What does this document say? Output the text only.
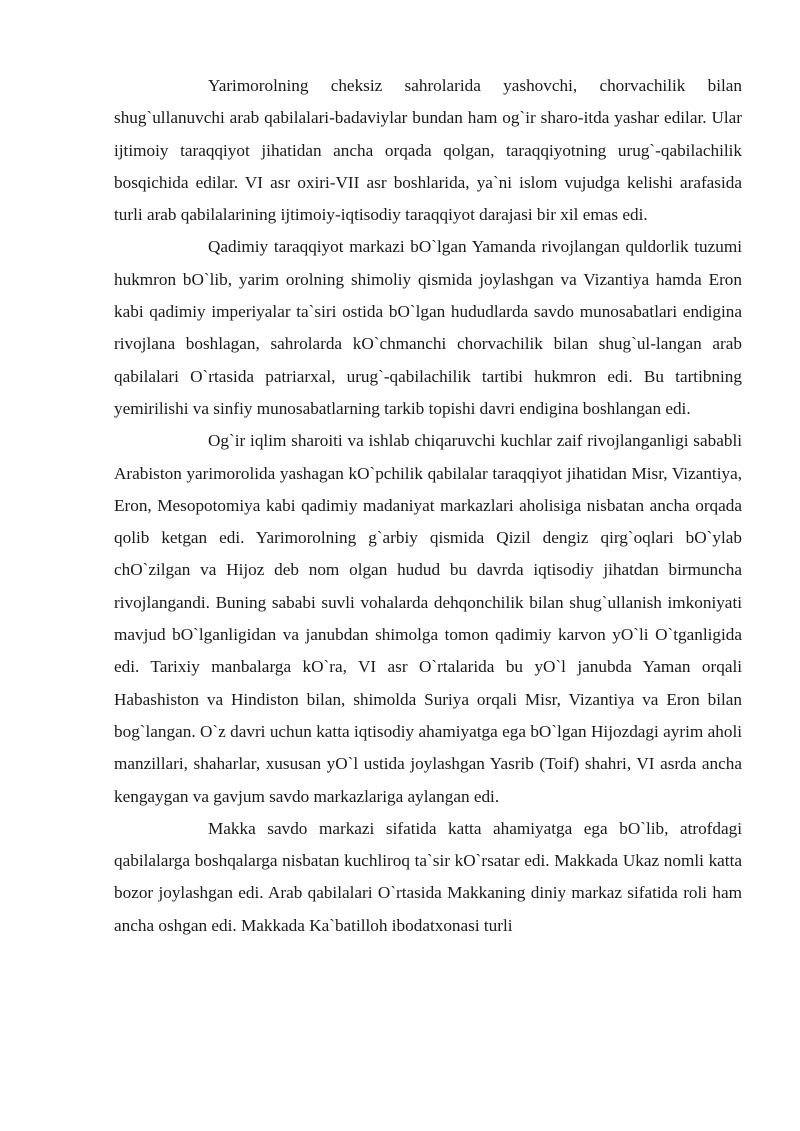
Yarimorolning cheksiz sahrolarida yashovchi, chorvachilik bilan shug`ullanuvchi arab qabilalari-badaviylar bundan ham og`ir sharo-itda yashar edilar. Ular ijtimoiy taraqqiyot jihatidan ancha orqada qolgan, taraqqiyotning urug`-qabilachilik bosqichida edilar. VI asr oxiri-VII asr boshlarida, ya`ni islom vujudga kelishi arafasida turli arab qabilalarining ijtimoiy-iqtisodiy taraqqiyot darajasi bir xil emas edi.

Qadimiy taraqqiyot markazi bO`lgan Yamanda rivojlangan quldorlik tuzumi hukmron bO`lib, yarim orolning shimoliy qismida joylashgan va Vizantiya hamda Eron kabi qadimiy imperiyalar ta`siri ostida bO`lgan hududlarda savdo munosabatlari endigina rivojlana boshlagan, sahrolarda kO`chmanchi chorvachilik bilan shug`ul-langan arab qabilalari O`rtasida patriarxal, urug`-qabilachilik tartibi hukmron edi. Bu tartibning yemirilishi va sinfiy munosabatlarning tarkib topishi davri endigina boshlangan edi.

Og`ir iqlim sharoiti va ishlab chiqaruvchi kuchlar zaif rivojlanganligi sababli Arabiston yarimorolida yashagan kO`pchilik qabilalar taraqqiyot jihatidan Misr, Vizantiya, Eron, Mesopotomiya kabi qadimiy madaniyat markazlari aholisiga nisbatan ancha orqada qolib ketgan edi. Yarimorolning g`arbiy qismida Qizil dengiz qirg`oqlari bO`ylab chO`zilgan va Hijoz deb nom olgan hudud bu davrda iqtisodiy jihatdan birmuncha rivojlangandi. Buning sababi suvli vohalarda dehqonchilik bilan shug`ullanish imkoniyati mavjud bO`lganligidan va janubdan shimolga tomon qadimiy karvon yO`li O`tganligida edi. Tarixiy manbalarga kO`ra, VI asr O`rtalarida bu yO`l janubda Yaman orqali Habashiston va Hindiston bilan, shimolda Suriya orqali Misr, Vizantiya va Eron bilan bog`langan. O`z davri uchun katta iqtisodiy ahamiyatga ega bO`lgan Hijozdagi ayrim aholi manzillari, shaharlar, xususan yO`l ustida joylashgan Yasrib (Toif) shahri, VI asrda ancha kengaygan va gavjum savdo markazlariga aylangan edi.

Makka savdo markazi sifatida katta ahamiyatga ega bO`lib, atrofdagi qabilalarga boshqalarga nisbatan kuchliroq ta`sir kO`rsatar edi. Makkada Ukaz nomli katta bozor joylashgan edi. Arab qabilalari O`rtasida Makkaning diniy markaz sifatida roli ham ancha oshgan edi. Makkada Ka`batilloh ibodatxonasi turli
